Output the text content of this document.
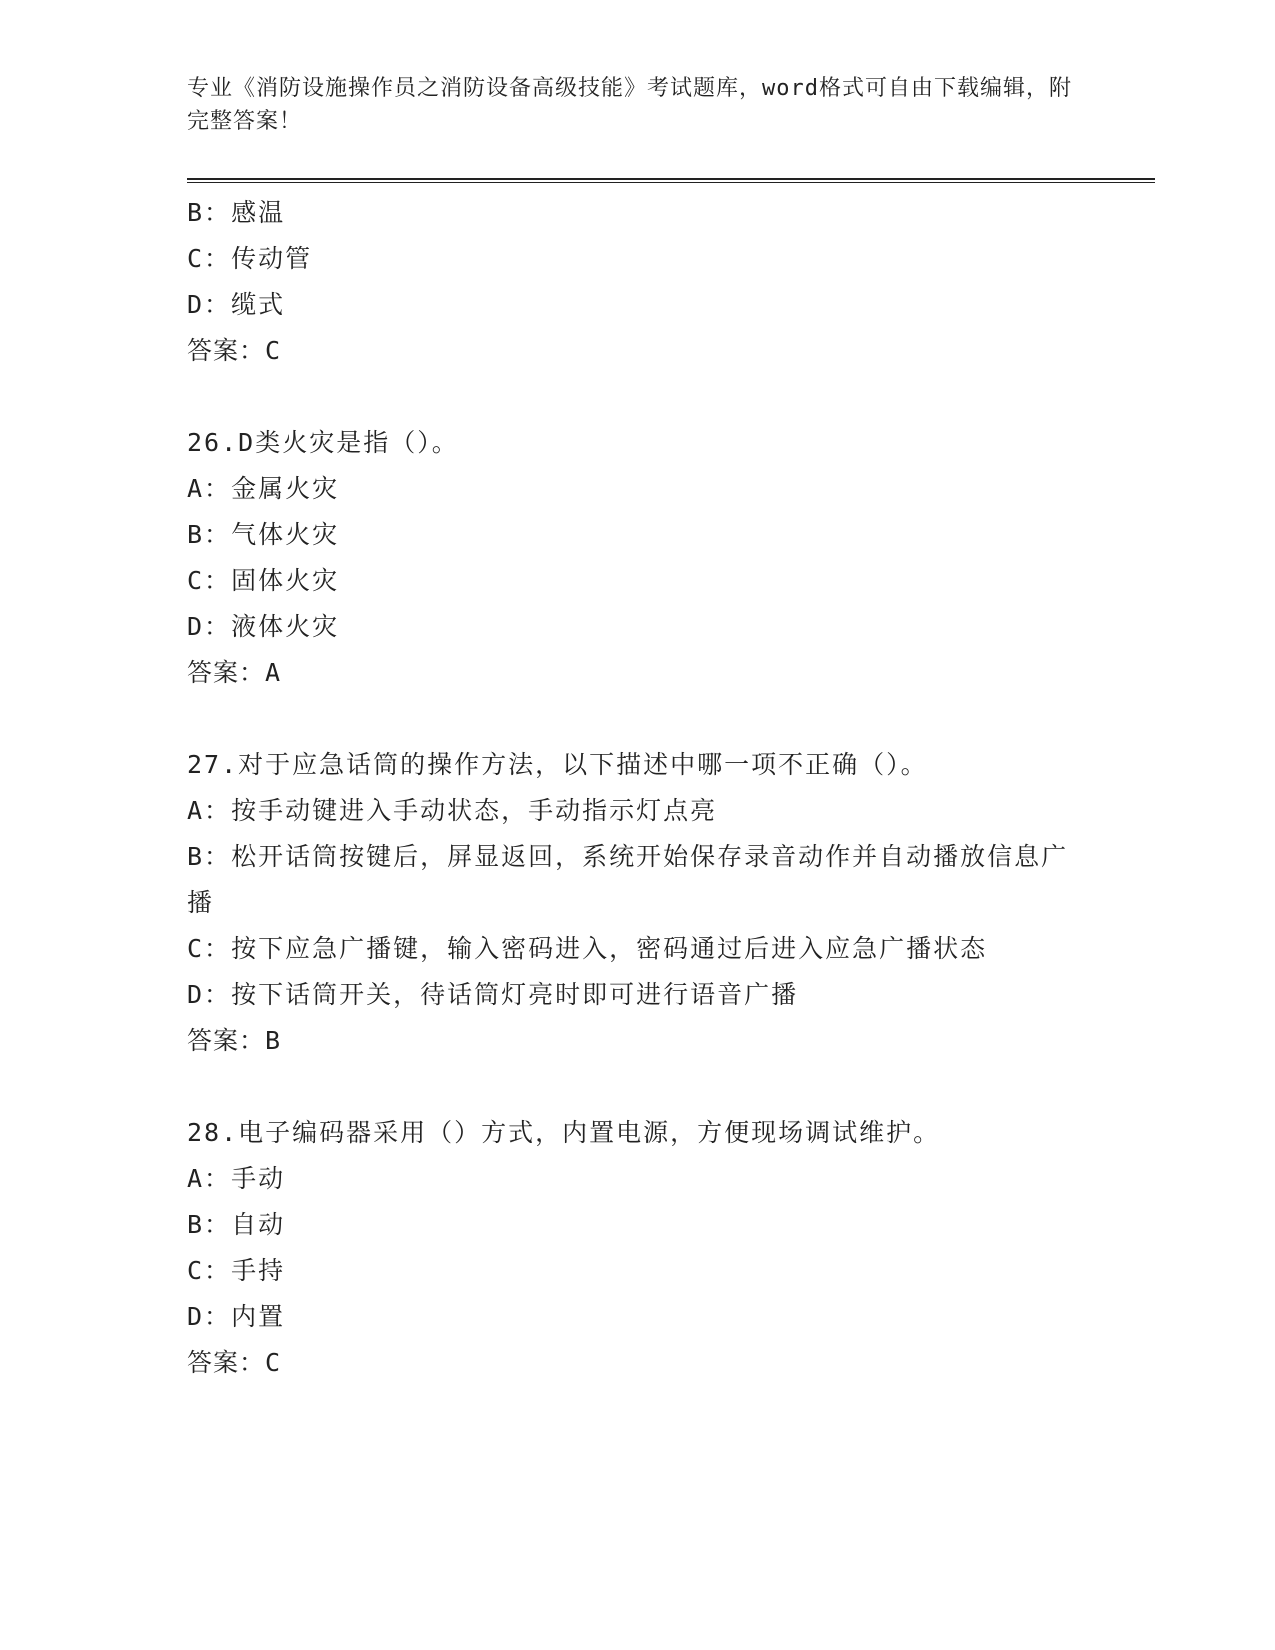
专业《消防设施操作员之消防设备高级技能》考试题库，word格式可自由下载编辑，附完整答案！
B：感温
C：传动管
D：缆式
答案：C
26.D类火灾是指（）。
A：金属火灾
B：气体火灾
C：固体火灾
D：液体火灾
答案：A
27.对于应急话筒的操作方法，以下描述中哪一项不正确（）。
A：按手动键进入手动状态，手动指示灯点亮
B：松开话筒按键后，屏显返回，系统开始保存录音动作并自动播放信息广播
C：按下应急广播键，输入密码进入，密码通过后进入应急广播状态
D：按下话筒开关，待话筒灯亮时即可进行语音广播
答案：B
28.电子编码器采用（）方式，内置电源，方便现场调试维护。
A：手动
B：自动
C：手持
D：内置
答案：C
